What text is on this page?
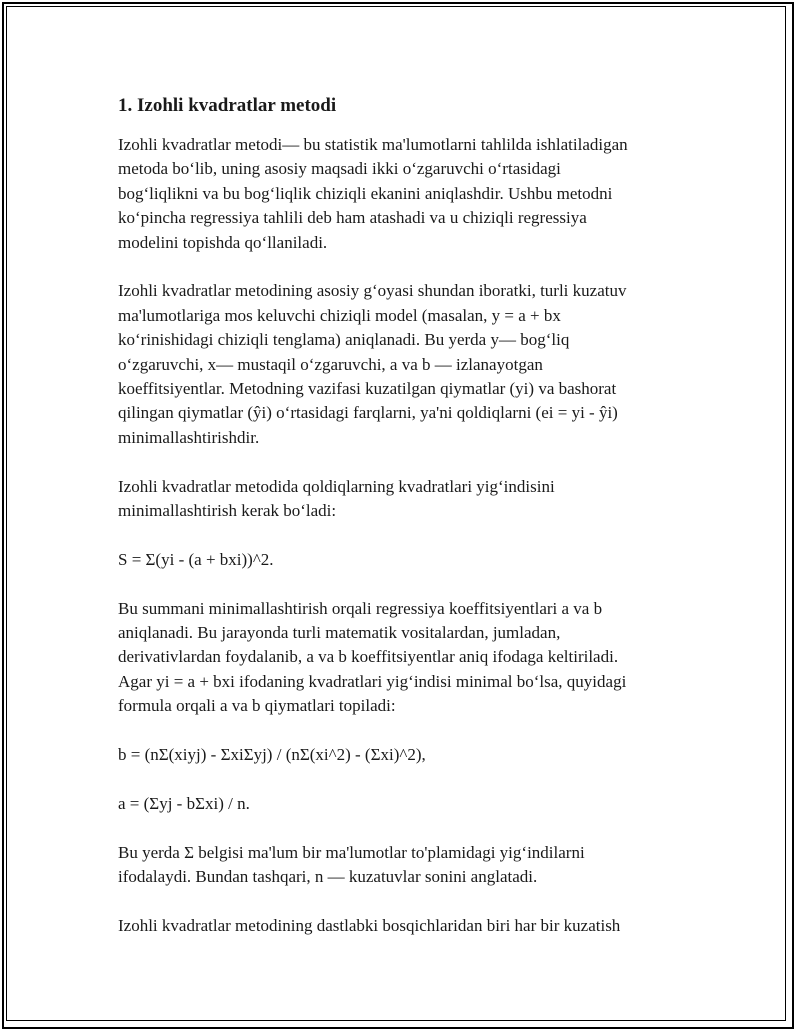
1. Izohli kvadratlar metodi
Izohli kvadratlar metodi— bu statistik ma'lumotlarni tahlilda ishlatiladigan
metoda bo‘lib, uning asosiy maqsadi ikki o‘zgaruvchi o‘rtasidagi
bog‘liqlikni va bu bog‘liqlik chiziqli ekanini aniqlashdir. Ushbu metodni
ko‘pincha regressiya tahlili deb ham atashadi va u chiziqli regressiya
modelini topishda qo‘llaniladi.
Izohli kvadratlar metodining asosiy g‘oyasi shundan iboratki, turli kuzatuv
ma'lumotlariga mos keluvchi chiziqli model (masalan, y = a + bx
ko‘rinishidagi chiziqli tenglama) aniqlanadi. Bu yerda y— bog‘liq
o‘zgaruvchi, x— mustaqil o‘zgaruvchi, a va b — izlanayotgan
koeffitsiyentlar. Metodning vazifasi kuzatilgan qiymatlar (yi) va bashorat
qilingan qiymatlar (ŷi) o‘rtasidagi farqlarni, ya'ni qoldiqlarni (ei = yi - ŷi)
minimallashtirishdir.
Izohli kvadratlar metodida qoldiqlarning kvadratlari yig‘indisini
minimallashtirish kerak bo‘ladi:
S = Σ(yi - (a + bxi))^2.
Bu summani minimallashtirish orqali regressiya koeffitsiyentlari a va b
aniqlanadi. Bu jarayonda turli matematik vositalardan, jumladan,
derivativlardan foydalanib, a va b koeffitsiyentlar aniq ifodaga keltiriladi.
Agar yi = a + bxi ifodaning kvadratlari yig‘indisi minimal bo‘lsa, quyidagi
formula orqali a va b qiymatlari topiladi:
b = (nΣ(xiyj) - ΣxiΣyj) / (nΣ(xi^2) - (Σxi)^2),
a = (Σyj - bΣxi) / n.
Bu yerda Σ belgisi ma'lum bir ma'lumotlar to'plamidagi yig‘indilarni
ifodalaydi. Bundan tashqari, n — kuzatuvlar sonini anglatadi.
Izohli kvadratlar metodining dastlabki bosqichlaridan biri har bir kuzatish
